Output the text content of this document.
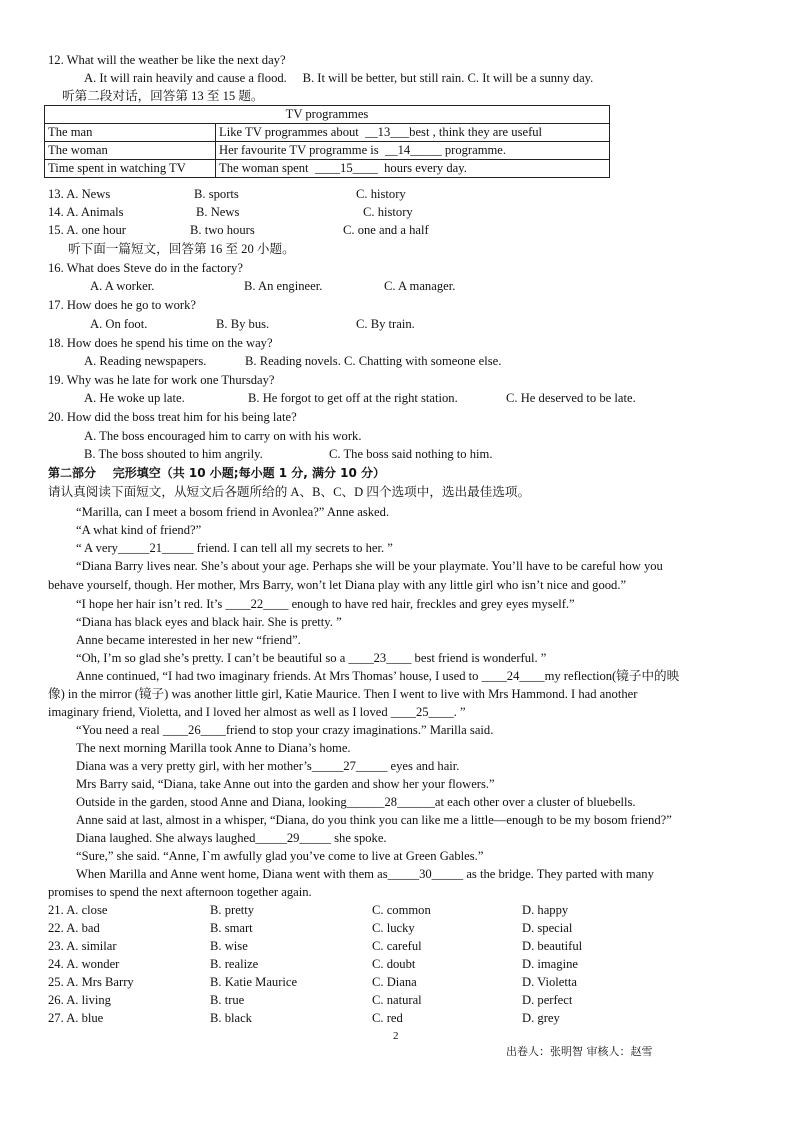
12. What will the weather be like the next day?
A. It will rain heavily and cause a flood.     B. It will be better, but still rain. C. It will be a sunny day.
听第二段对话，回答第 13 至 15 题。
TV programmes	
The man	Like TV programmes about  __13___best , think they are useful
The woman	Her favourite TV programme is  __14_____ programme.
Time spent in watching TV	The woman spent  ____15____  hours every day.

13. A. News

	B. sports

	C. history

14. A. Animals

	B. News

	C. history

15. A. one hour

	B. two hours

	C. one and a half

听下面一篇短文，回答第 16 至 20 小题。
16. What does Steve do in the factory?

A. A worker.

	B. An engineer.

	C. A manager.

17. How does he go to work?

A. On foot.

	B. By bus.

	C. By train.

18. How does he spend his time on the way?

A. Reading newspapers.

	B. Reading novels. C. Chatting with someone else.

19. Why was he late for work one Thursday?

A. He woke up late.

	B. He forgot to get off at the right station.

	C. He deserved to be late.

20. How did the boss treat him for his being late?
A. The boss encouraged him to carry on with his work.

B. The boss shouted to him angrily.

	C. The boss said nothing to him.

第二部分    完形填空（共 10 小题;每小题 1 分, 满分 10 分）
请认真阅读下面短文，从短文后各题所给的 A、B、C、D 四个选项中，选出最佳选项。
“Marilla, can I meet a bosom friend in Avonlea?” Anne asked.
“A what kind of friend?”
“ A very_____21_____ friend. I can tell all my secrets to her. ”
“Diana Barry lives near. She’s about your age. Perhaps she will be your playmate. You’ll have to be careful how you
behave yourself, though. Her mother, Mrs Barry, won’t let Diana play with any little girl who isn’t nice and good.”
“I hope her hair isn’t red. It’s ____22____ enough to have red hair, freckles and grey eyes myself.”
“Diana has black eyes and black hair. She is pretty. ”
Anne became interested in her new “friend”.
“Oh, I’m so glad she’s pretty. I can’t be beautiful so a ____23____ best friend is wonderful. ”
Anne continued, “I had two imaginary friends. At Mrs Thomas’ house, I used to ____24____my reflection(镜子中的映
像) in the mirror (镜子) was another little girl, Katie Maurice. Then I went to live with Mrs Hammond. I had another
imaginary friend, Violetta, and I loved her almost as well as I loved ____25____. ”
“You need a real ____26____friend to stop your crazy imaginations.” Marilla said.
The next morning Marilla took Anne to Diana’s home.
Diana was a very pretty girl, with her mother’s_____27_____ eyes and hair.
Mrs Barry said, “Diana, take Anne out into the garden and show her your flowers.”
Outside in the garden, stood Anne and Diana, looking______28______at each other over a cluster of bluebells.
Anne said at last, almost in a whisper, “Diana, do you think you can like me a little—enough to be my bosom friend?”
Diana laughed. She always laughed_____29_____ she spoke.
“Sure,” she said. “Anne, I`m awfully glad you’ve come to live at Green Gables.”
When Marilla and Anne went home, Diana went with them as_____30_____ as the bridge. They parted with many
promises to spend the next afternoon together again.
21. A. close	B. pretty	C. common	D. happy
22. A. bad	B. smart	C. lucky	D. special
23. A. similar	B. wise	C. careful	D. beautiful
24. A. wonder	B. realize	C. doubt	D. imagine
25. A. Mrs Barry	B. Katie Maurice	C. Diana	D. Violetta
26. A. living	B. true	C. natural	D. perfect
27. A. blue	B. black	C. red	D. grey
2
出卷人：张明智 审核人：赵雪
